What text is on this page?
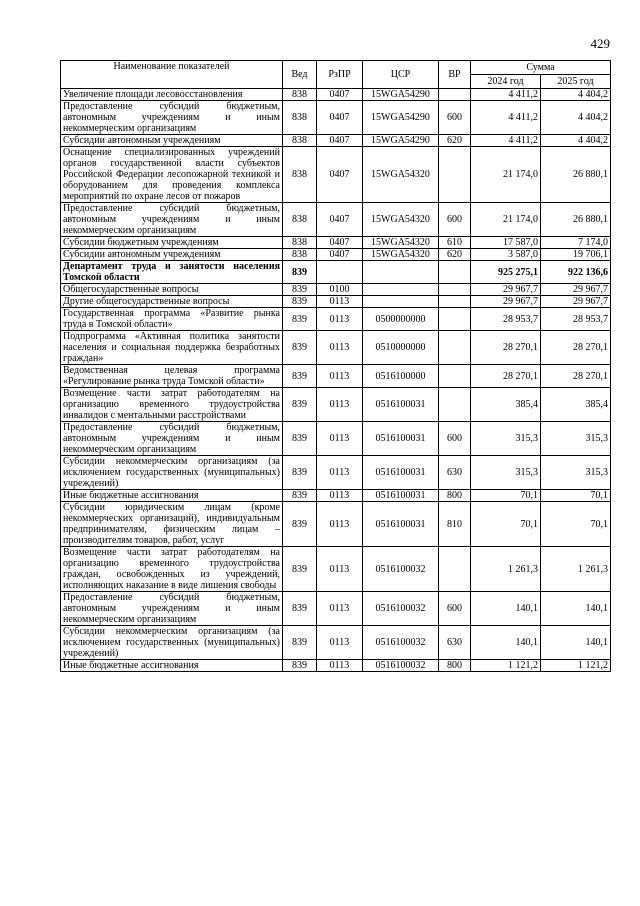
429
Наименование показателей	Вед	РзПР	ЦСР	ВР	Сумма	
					2024 год	2025 год
Увеличение площади лесовосстановления	838	0407	15WGA54290		4 411,2	4 404,2
Предоставление субсидий бюджетным, автономным учреждениям и иным некоммерческим организациям	838	0407	15WGA54290	600	4 411,2	4 404,2
Субсидии автономным учреждениям	838	0407	15WGA54290	620	4 411,2	4 404,2
Оснащение специализированных учреждений органов государственной власти субъектов Российской Федерации лесопожарной техникой и оборудованием для проведения комплекса мероприятий по охране лесов от пожаров	838	0407	15WGA54320		21 174,0	26 880,1
Предоставление субсидий бюджетным, автономным учреждениям и иным некоммерческим организациям	838	0407	15WGA54320	600	21 174,0	26 880,1
Субсидии бюджетным учреждениям	838	0407	15WGA54320	610	17 587,0	7 174,0
Субсидии автономным учреждениям	838	0407	15WGA54320	620	3 587,0	19 706,1
Департамент труда и занятости населения Томской области	839				925 275,1	922 136,6
Общегосударственные вопросы	839	0100			29 967,7	29 967,7
Другие общегосударственные вопросы	839	0113			29 967,7	29 967,7
Государственная программа «Развитие рынка труда в Томской области»	839	0113	0500000000		28 953,7	28 953,7
Подпрограмма «Активная политика занятости населения и социальная поддержка безработных граждан»	839	0113	0510000000		28 270,1	28 270,1
Ведомственная целевая программа «Регулирование рынка труда Томской области»	839	0113	0516100000		28 270,1	28 270,1
Возмещение части затрат работодателям на организацию временного трудоустройства инвалидов с ментальными расстройствами	839	0113	0516100031		385,4	385,4
Предоставление субсидий бюджетным, автономным учреждениям и иным некоммерческим организациям	839	0113	0516100031	600	315,3	315,3
Субсидии некоммерческим организациям (за исключением государственных (муниципальных) учреждений)	839	0113	0516100031	630	315,3	315,3
Иные бюджетные ассигнования	839	0113	0516100031	800	70,1	70,1
Субсидии юридическим лицам (кроме некоммерческих организаций), индивидуальным предпринимателям, физическим лицам – производителям товаров, работ, услуг	839	0113	0516100031	810	70,1	70,1
Возмещение части затрат работодателям на организацию временного трудоустройства граждан, освобожденных из учреждений, исполняющих наказание в виде лишения свободы	839	0113	0516100032		1 261,3	1 261,3
Предоставление субсидий бюджетным, автономным учреждениям и иным некоммерческим организациям	839	0113	0516100032	600	140,1	140,1
Субсидии некоммерческим организациям (за исключением государственных (муниципальных) учреждений)	839	0113	0516100032	630	140,1	140,1
Иные бюджетные ассигнования	839	0113	0516100032	800	1 121,2	1 121,2
